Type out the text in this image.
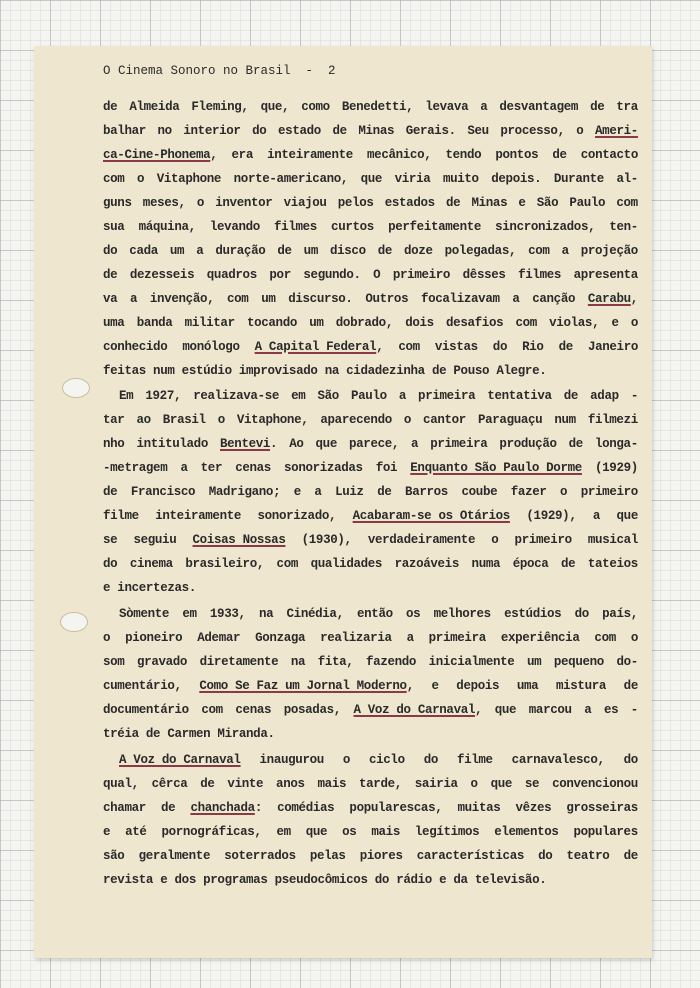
O Cinema Sonoro no Brasil  -  2
de Almeida Fleming, que, como Benedetti, levava a desvantagem de tra
balhar no interior do estado de Minas Gerais. Seu processo, o Ameri-
ca-Cine-Phonema, era inteiramente mecânico, tendo pontos de contacto
com o Vitaphone norte-americano, que viria muito depois. Durante al-
guns meses, o inventor viajou pelos estados de Minas e São Paulo com
sua máquina, levando filmes curtos perfeitamente sincronizados, ten-
do cada um a duração de um disco de doze polegadas, com a projeção
de dezesseis quadros por segundo. O primeiro dêsses filmes apresenta
va a invenção, com um discurso. Outros focalizavam a canção Carabu,
uma banda militar tocando um dobrado, dois desafios com violas, e o
conhecido monólogo A Capital Federal, com vistas do Rio de Janeiro
feitas num estúdio improvisado na cidadezinha de Pouso Alegre.
Em 1927, realizava-se em São Paulo a primeira tentativa de adap -
tar ao Brasil o Vitaphone, aparecendo o cantor Paraguaçu num filmezi
nho intitulado Bentevi. Ao que parece, a primeira produção de longa-
-metragem a ter cenas sonorizadas foi Enquanto São Paulo Dorme (1929)
de Francisco Madrigano; e a Luiz de Barros coube fazer o primeiro
filme inteiramente sonorizado, Acabaram-se os Otários (1929), a que
se seguiu Coisas Nossas (1930), verdadeiramente o primeiro musical
do cinema brasileiro, com qualidades razoáveis numa época de tateios
e incertezas.
Sòmente em 1933, na Cinédia, então os melhores estúdios do país,
o pioneiro Ademar Gonzaga realizaria a primeira experiência com o
som gravado diretamente na fita, fazendo inicialmente um pequeno do-
cumentário, Como Se Faz um Jornal Moderno, e depois uma mistura de
documentário com cenas posadas, A Voz do Carnaval, que marcou a es -
tréia de Carmen Miranda.
A Voz do Carnaval inaugurou o ciclo do filme carnavalesco, do
qual, cêrca de vinte anos mais tarde, sairia o que se convencionou
chamar de chanchada: comédias popularescas, muitas vêzes grosseiras
e até pornográficas, em que os mais legítimos elementos populares
são geralmente soterrados pelas piores características do teatro de
revista e dos programas pseudocômicos do rádio e da televisão.
